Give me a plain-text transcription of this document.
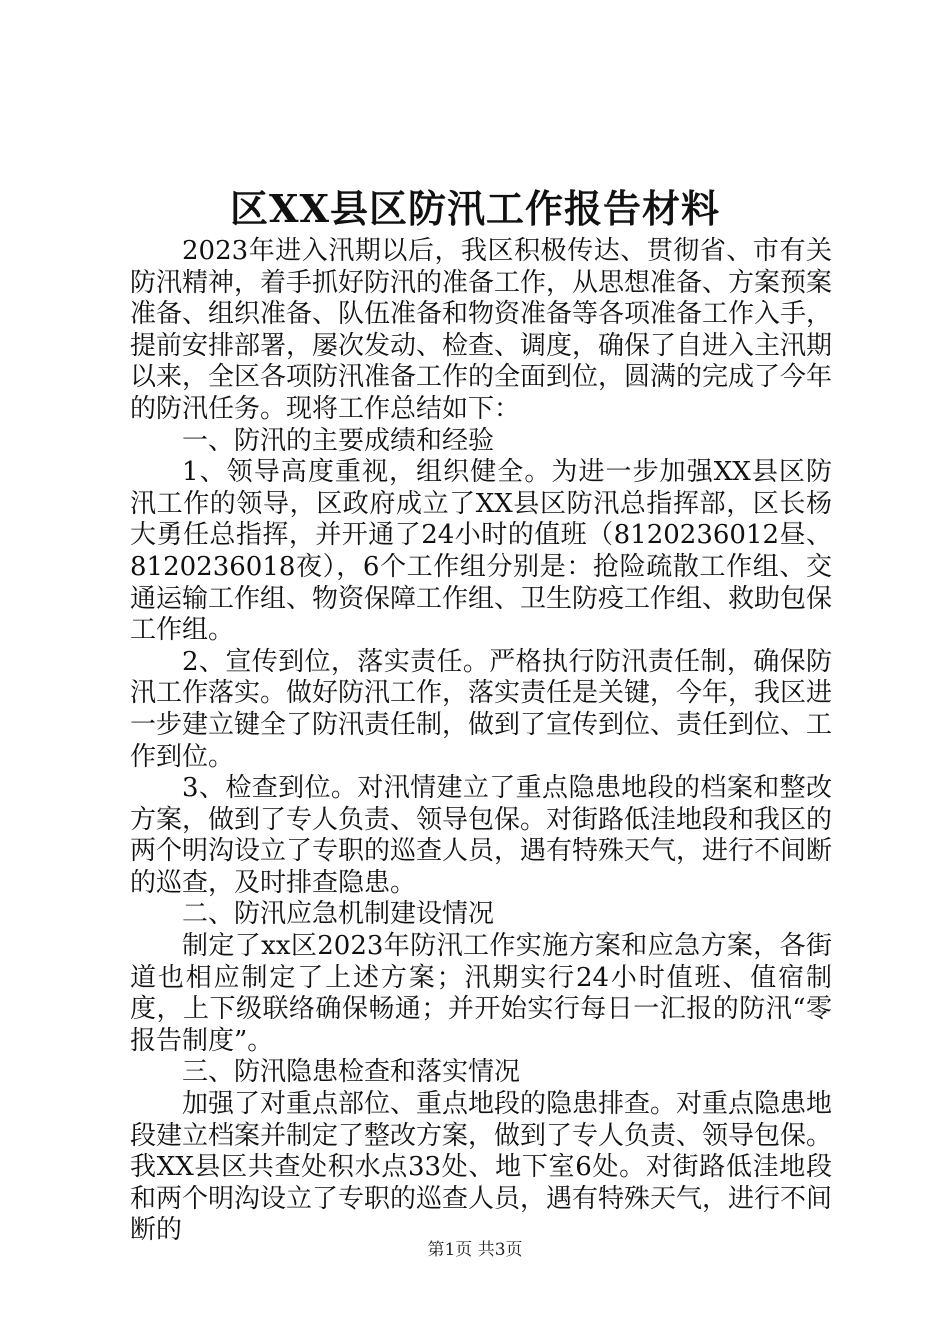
区XX县区防汛工作报告材料

2023年进入汛期以后，我区积极传达、贯彻省、市有关防汛精神，着手抓好防汛的准备工作，从思想准备、方案预案准备、组织准备、队伍准备和物资准备等各项准备工作入手，提前安排部署，屡次发动、检查、调度，确保了自进入主汛期以来，全区各项防汛准备工作的全面到位，圆满的完成了今年的防汛任务。现将工作总结如下：

一、防汛的主要成绩和经验

1、领导高度重视，组织健全。为进一步加强XX县区防汛工作的领导，区政府成立了XX县区防汛总指挥部，区长杨大勇任总指挥，并开通了24小时的值班（8120236012昼、8120236018夜），6个工作组分别是：抢险疏散工作组、交通运输工作组、物资保障工作组、卫生防疫工作组、救助包保工作组。

2、宣传到位，落实责任。严格执行防汛责任制，确保防汛工作落实。做好防汛工作，落实责任是关键，今年，我区进一步建立键全了防汛责任制，做到了宣传到位、责任到位、工作到位。

3、检查到位。对汛情建立了重点隐患地段的档案和整改方案，做到了专人负责、领导包保。对街路低洼地段和我区的两个明沟设立了专职的巡查人员，遇有特殊天气，进行不间断的巡查，及时排查隐患。

二、防汛应急机制建设情况

制定了xx区2023年防汛工作实施方案和应急方案，各街道也相应制定了上述方案；汛期实行24小时值班、值宿制度，上下级联络确保畅通；并开始实行每日一汇报的防汛“零报告制度”。

三、防汛隐患检查和落实情况

加强了对重点部位、重点地段的隐患排查。对重点隐患地段建立档案并制定了整改方案，做到了专人负责、领导包保。我XX县区共查处积水点33处、地下室6处。对街路低洼地段和两个明沟设立了专职的巡查人员，遇有特殊天气，进行不间断的

第1页 共3页
